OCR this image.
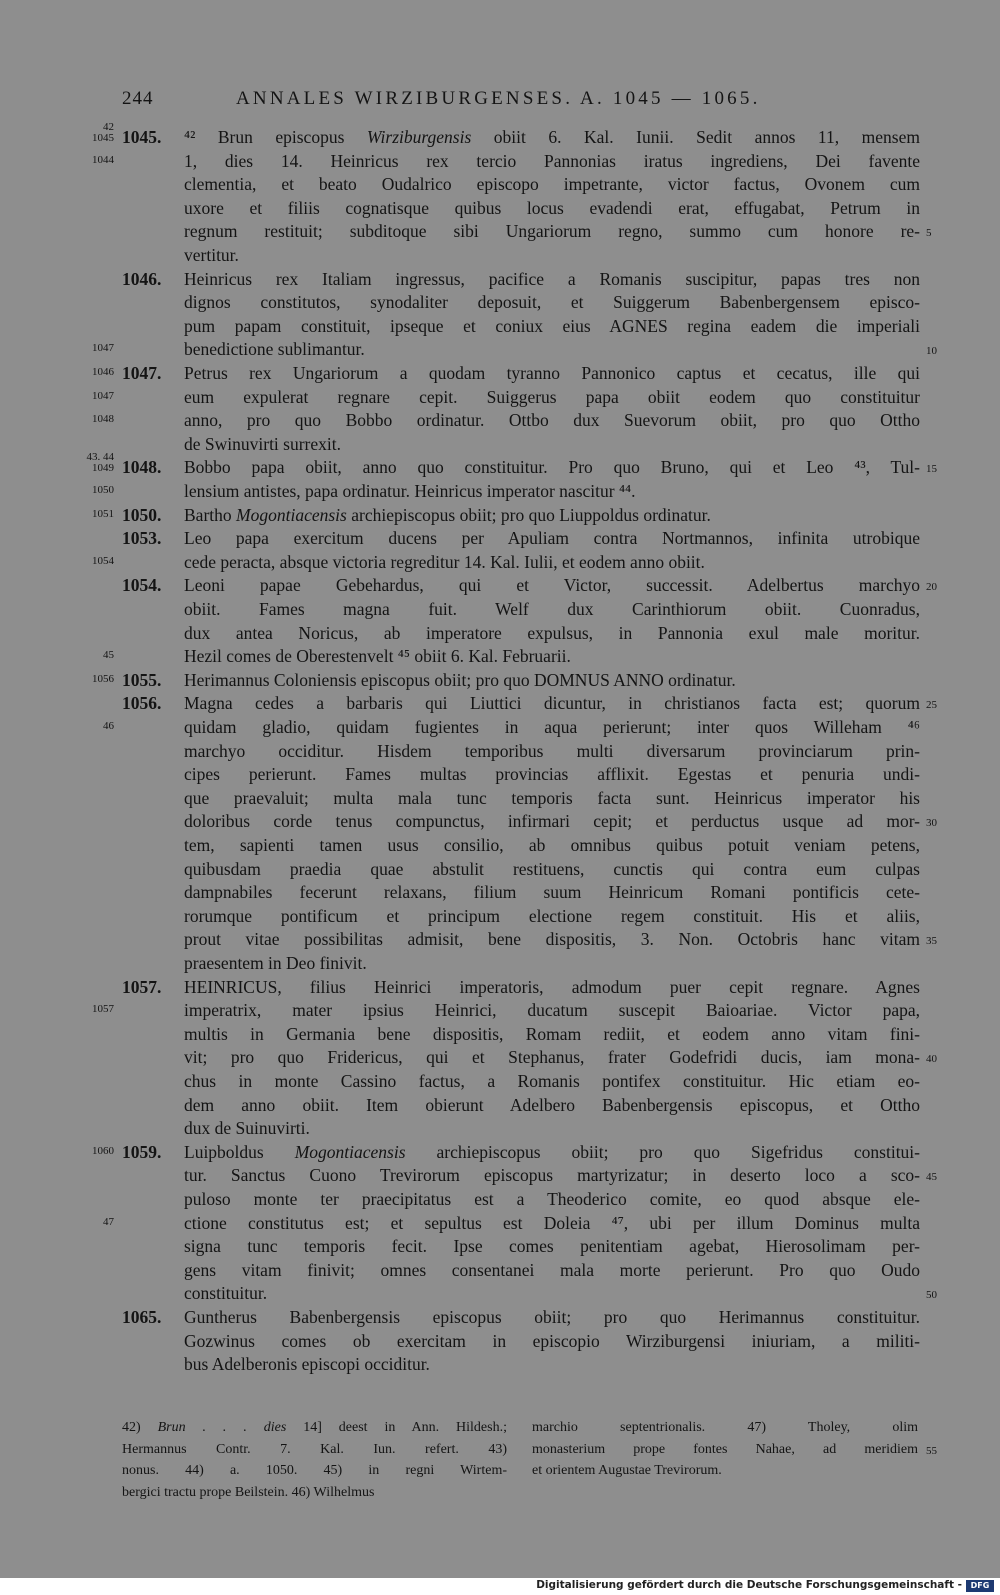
244	ANNALES WIRZIBURGENSES. A. 1045 — 1065.
42
1045 1045. ⁴² Brun episcopus Wirziburgensis obiit 6. Kal. Iunii. Sedit annos 11, mensem
1044	1, dies 14. Heinricus rex tercio Pannonias iratus ingrediens, Dei favente
clementia, et beato Oudalrico episcopo impetrante, victor factus, Ovonem cum
uxore et filiis cognatisque quibus locus evadendi erat, effugabat, Petrum in
regnum restituit; subditoque sibi Ungariorum regno, summo cum honore re- 5
vertitur.
1046. Heinricus rex Italiam ingressus, pacifice a Romanis suscipitur, papas tres non
dignos constitutos, synodaliter deposuit, et Suiggerum Babenbergensem episco-
pum papam constituit, ipseque et coniux eius AGNES regina eadem die imperiali
1047	benedictione sublimantur.	10
1046 1047. Petrus rex Ungariorum a quodam tyranno Pannonico captus et cecatus, ille qui
1047	eum expulerat regnare cepit. Suiggerus papa obiit eodem quo constituitur
1048	anno, pro quo Bobbo ordinatur. Ottbo dux Suevorum obiit, pro quo Ottho
de Swinuvirti surrexit.
43. 44
1049 1048. Bobbo papa obiit, anno quo constituitur. Pro quo Bruno, qui et Leo ⁴³, Tul- 15
1050	lensium antistes, papa ordinatur. Heinricus imperator nascitur ⁴⁴.
1051 1050. Bartho Mogontiacensis archiepiscopus obiit; pro quo Liuppoldus ordinatur.
1053. Leo papa exercitum ducens per Apuliam contra Nortmannos, infinita utrobique
1054	cede peracta, absque victoria regreditur 14. Kal. Iulii, et eodem anno obiit.
1054. Leoni papae Gebehardus, qui et Victor, successit. Adelbertus marchyo 20
obiit. Fames magna fuit. Welf dux Carinthiorum obiit. Cuonradus,
dux antea Noricus, ab imperatore expulsus, in Pannonia exul male moritur.
45	Hezil comes de Oberestenvelt ⁴⁵ obiit 6. Kal. Februarii.
1056 1055. Herimannus Coloniensis episcopus obiit; pro quo DOMNUS ANNO ordinatur.
1056. Magna cedes a barbaris qui Liuttici dicuntur, in christianos facta est; quorum 25
46	quidam gladio, quidam fugientes in aqua perierunt; inter quos Willeham ⁴⁶
marchyo occiditur. Hisdem temporibus multi diversarum provinciarum prin-
cipes perierunt. Fames multas provincias afflixit. Egestas et penuria undi-
que praevaluit; multa mala tunc temporis facta sunt. Heinricus imperator his
doloribus corde tenus compunctus, infirmari cepit; et perductus usque ad mor- 30
tem, sapienti tamen usus consilio, ab omnibus quibus potuit veniam petens,
quibusdam praedia quae abstulit restituens, cunctis qui contra eum culpas
dampnabiles fecerunt relaxans, filium suum Heinricum Romani pontificis cete-
rorumque pontificum et principum electione regem constituit. His et aliis,
prout vitae possibilitas admisit, bene dispositis, 3. Non. Octobris hanc vitam 35
praesentem in Deo finivit.
1057. HEINRICUS, filius Heinrici imperatoris, admodum puer cepit regnare. Agnes
1057	imperatrix, mater ipsius Heinrici, ducatum suscepit Baioariae. Victor papa,
multis in Germania bene dispositis, Romam rediit, et eodem anno vitam fini-
vit; pro quo Fridericus, qui et Stephanus, frater Godefridi ducis, iam mona- 40
chus in monte Cassino factus, a Romanis pontifex constituitur. Hic etiam eo-
dem anno obiit. Item obierunt Adelbero Babenbergensis episcopus, et Ottho
dux de Suinuvirti.
1060 1059. Luipboldus Mogontiacensis archiepiscopus obiit; pro quo Sigefridus constitui-
tur. Sanctus Cuono Trevirorum episcopus martyrizatur; in deserto loco a sco- 45
puloso monte ter praecipitatus est a Theoderico comite, eo quod absque ele-
47	ctione constitutus est; et sepultus est Doleia ⁴⁷, ubi per illum Dominus multa
signa tunc temporis fecit. Ipse comes penitentiam agebat, Hierosolimam per-
gens vitam finivit; omnes consentanei mala morte perierunt. Pro quo Oudo
constituitur.	50
1065. Guntherus Babenbergensis episcopus obiit; pro quo Herimannus constituitur.
Gozwinus comes ob exercitam in episcopio Wirziburgensi iniuriam, a militi-
bus Adelberonis episcopi occiditur.
42) Brun . . . dies 14] deest in Ann. Hildesh.;
Hermannus Contr. 7. Kal. Iun. refert. 43)
nonus. 44) a. 1050. 45) in regni Wirtem-
bergici tractu prope Beilstein. 46) Wilhelmus
marchio septentrionalis. 47) Tholey, olim
monasterium prope fontes Nahae, ad meridiem
et orientem Augustae Trevirorum.
55
Digitalisierung gefördert durch die Deutsche Forschungsgemeinschaft -	DFG
